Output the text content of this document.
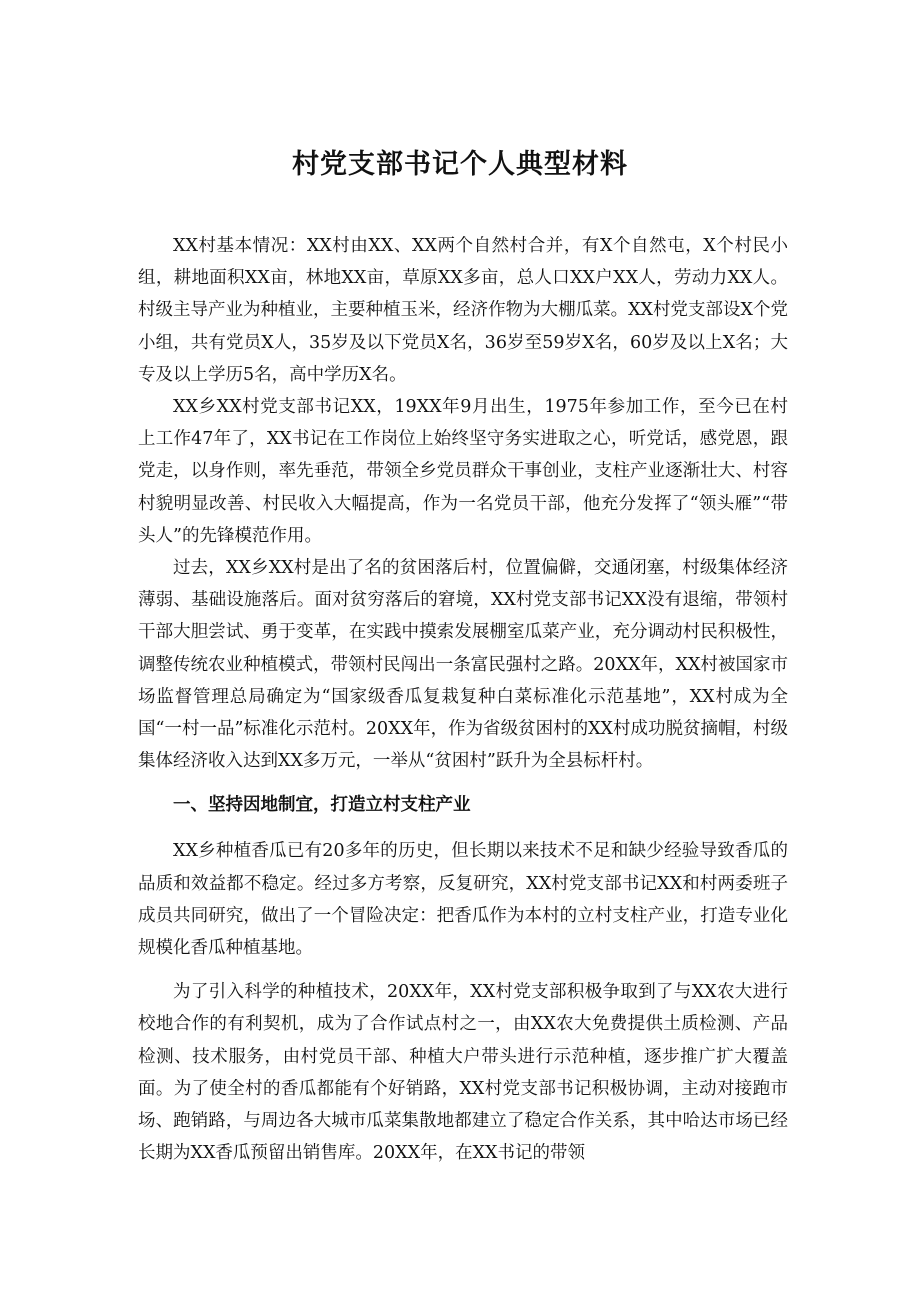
村党支部书记个人典型材料

XX村基本情况：XX村由XX、XX两个自然村合并，有X个自然屯，X个村民小组，耕地面积XX亩，林地XX亩，草原XX多亩，总人口XX户XX人，劳动力XX人。村级主导产业为种植业，主要种植玉米，经济作物为大棚瓜菜。XX村党支部设X个党小组，共有党员X人，35岁及以下党员X名，36岁至59岁X名，60岁及以上X名；大专及以上学历5名，高中学历X名。

XX乡XX村党支部书记XX，19XX年9月出生，1975年参加工作，至今已在村上工作47年了，XX书记在工作岗位上始终坚守务实进取之心，听党话，感党恩，跟党走，以身作则，率先垂范，带领全乡党员群众干事创业，支柱产业逐渐壮大、村容村貌明显改善、村民收入大幅提高，作为一名党员干部，他充分发挥了“领头雁”“带头人”的先锋模范作用。

过去，XX乡XX村是出了名的贫困落后村，位置偏僻，交通闭塞，村级集体经济薄弱、基础设施落后。面对贫穷落后的窘境，XX村党支部书记XX没有退缩，带领村干部大胆尝试、勇于变革，在实践中摸索发展棚室瓜菜产业，充分调动村民积极性，调整传统农业种植模式，带领村民闯出一条富民强村之路。20XX年，XX村被国家市场监督管理总局确定为“国家级香瓜复栽复种白菜标准化示范基地”，XX村成为全国“一村一品”标准化示范村。20XX年，作为省级贫困村的XX村成功脱贫摘帽，村级集体经济收入达到XX多万元，一举从“贫困村”跃升为全县标杆村。

一、坚持因地制宜，打造立村支柱产业

XX乡种植香瓜已有20多年的历史，但长期以来技术不足和缺少经验导致香瓜的品质和效益都不稳定。经过多方考察，反复研究，XX村党支部书记XX和村两委班子成员共同研究，做出了一个冒险决定：把香瓜作为本村的立村支柱产业，打造专业化规模化香瓜种植基地。

为了引入科学的种植技术，20XX年，XX村党支部积极争取到了与XX农大进行校地合作的有利契机，成为了合作试点村之一，由XX农大免费提供土质检测、产品检测、技术服务，由村党员干部、种植大户带头进行示范种植，逐步推广扩大覆盖面。为了使全村的香瓜都能有个好销路，XX村党支部书记积极协调，主动对接跑市场、跑销路，与周边各大城市瓜菜集散地都建立了稳定合作关系，其中哈达市场已经长期为XX香瓜预留出销售库。20XX年，在XX书记的带领
